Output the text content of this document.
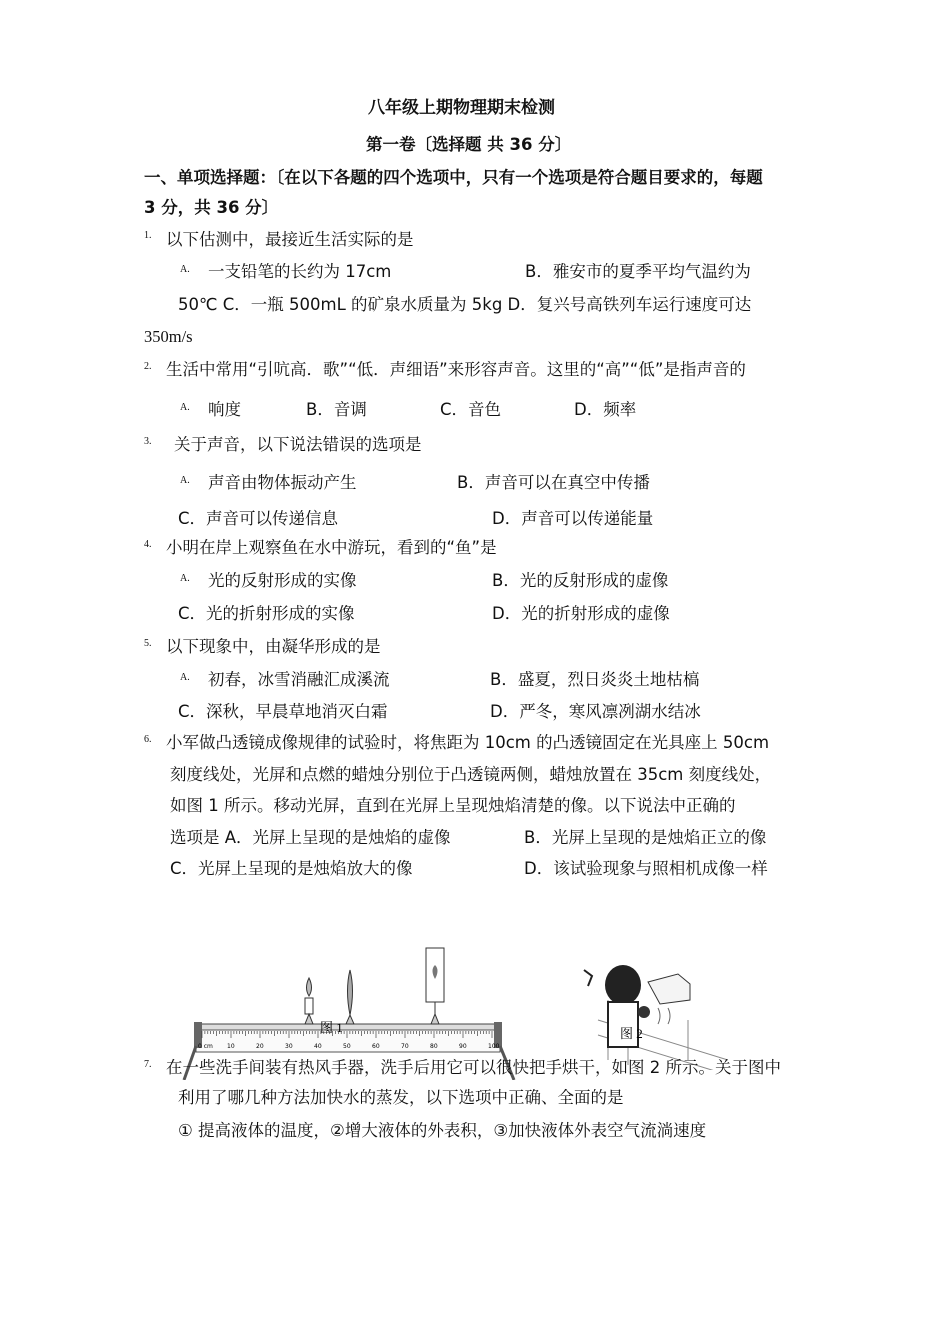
八年级上期物理期末检测
第一卷〔选择题 共 36 分〕
一、单项选择题：〔在以下各题的四个选项中，只有一个选项是符合题目要求的，每题
3 分，共 36 分〕
1. 以下估测中，最接近生活实际的是
A. 一支铅笔的长约为 17cm	B．雅安市的夏季平均气温约为
50℃ C．一瓶 500mL 的矿泉水质量为 5kg D．复兴号高铁列车运行速度可达
350m/s
2. 生活中常用“引吭高．歌”“低．声细语”来形容声音。这里的“高”“低”是指声音的
A. 响度	B．音调	C．音色	D．频率
3. 关于声音，以下说法错误的选项是
A. 声音由物体振动产生	B．声音可以在真空中传播
C．声音可以传递信息	D．声音可以传递能量
4. 小明在岸上观察鱼在水中游玩，看到的“鱼”是
A. 光的反射形成的实像	B．光的反射形成的虚像
C．光的折射形成的实像	D．光的折射形成的虚像
5. 以下现象中，由凝华形成的是
A. 初春，冰雪消融汇成溪流	B．盛夏，烈日炎炎土地枯槁
C．深秋，早晨草地消灭白霜	D．严冬，寒风凛冽湖水结冰
6. 小军做凸透镜成像规律的试验时，将焦距为 10cm 的凸透镜固定在光具座上 50cm
刻度线处，光屏和点燃的蜡烛分别位于凸透镜两侧，蜡烛放置在 35cm 刻度线处，
如图 1 所示。移动光屏，直到在光屏上呈现烛焰清楚的像。以下说法中正确的
选项是 A．光屏上呈现的是烛焰的虚像	B．光屏上呈现的是烛焰正立的像
C．光屏上呈现的是烛焰放大的像	D．该试验现象与照相机成像一样
图 1
0 cm 10	20	30	40	50	60	70	80	90	100
图 2
7. 在一些洗手间装有热风手器，洗手后用它可以很快把手烘干，如图 2 所示。关于图中
利用了哪几种方法加快水的蒸发，以下选项中正确、全面的是
① 提高液体的温度，②增大液体的外表积，③加快液体外表空气流淌速度
